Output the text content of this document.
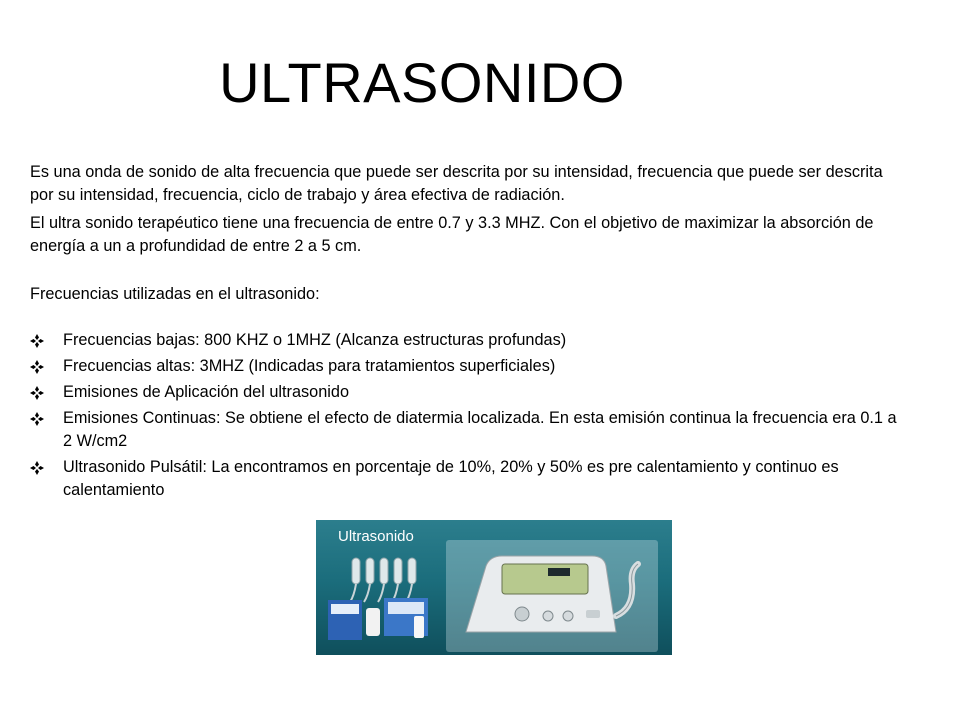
ULTRASONIDO

Es una onda de sonido de alta frecuencia que puede ser descrita por su intensidad, frecuencia que puede ser descrita por su intensidad, frecuencia, ciclo de trabajo y área efectiva de radiación.

El ultra sonido terapéutico tiene una frecuencia de entre 0.7 y 3.3 MHZ. Con el objetivo de maximizar la absorción de energía a un a profundidad de entre 2 a 5 cm.

Frecuencias utilizadas en el ultrasonido:

Frecuencias bajas: 800 KHZ o 1MHZ (Alcanza estructuras profundas)
Frecuencias altas: 3MHZ (Indicadas para tratamientos superficiales)
Emisiones de Aplicación del ultrasonido
Emisiones Continuas: Se obtiene el efecto de diatermia localizada. En esta emisión continua la frecuencia era 0.1 a 2 W/cm2
Ultrasonido Pulsátil: La encontramos en porcentaje de 10%, 20% y 50% es pre calentamiento y continuo es calentamiento
Ultrasonido
